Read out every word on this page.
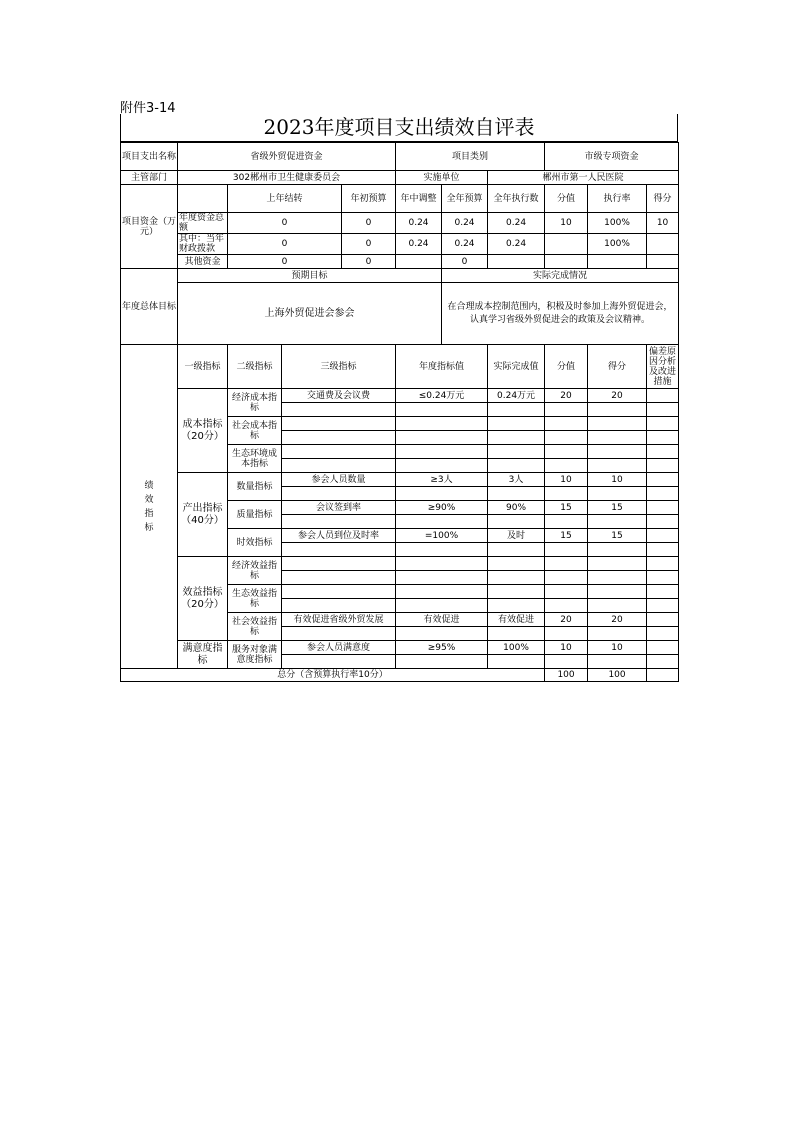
附件3-14
2023年度项目支出绩效自评表
项目支出名称	省级外贸促进资金				项目类别			市级专项资金		
主管部门	302郴州市卫生健康委员会				实施单位		郴州市第一人民医院			
项目资金（万元）		上年结转		年初预算	年中调整	全年预算	全年执行数	分值	执行率	得分
	年度资金总额	0		0	0.24	0.24	0.24	10	100%	10
	其中：当年财政拨款	0		0	0.24	0.24	0.24		100%	
	其他资金	0		0		0				
年度总体目标	预期目标					实际完成情况				
	上海外贸促进会参会					在合理成本控制范围内，积极及时参加上海外贸促进会，认真学习省级外贸促进会的政策及会议精神。				

绩效指标	一级指标	二级指标	三级指标		年度指标值		实际完成值	分值	得分	偏差原因分析及改进措施
	成本指标（20分）	经济成本指标	交通费及会议费		≤0.24万元		0.24万元	20	20	

		社会成本指标								

		生态环境成本指标								

	产出指标（40分）	数量指标	参会人员数量		≥3人		3人	10	10	

		质量指标	会议签到率		≥90%		90%	15	15	

		时效指标	参会人员到位及时率		=100%		及时	15	15	

	效益指标（20分）	经济效益指标								

		生态效益指标								

		社会效益指标	有效促进省级外贸发展		有效促进		有效促进	20	20	

	满意度指标	服务对象满意度指标	参会人员满意度		≥95%		100%	10	10	

总分（含预算执行率10分）								100	100	
